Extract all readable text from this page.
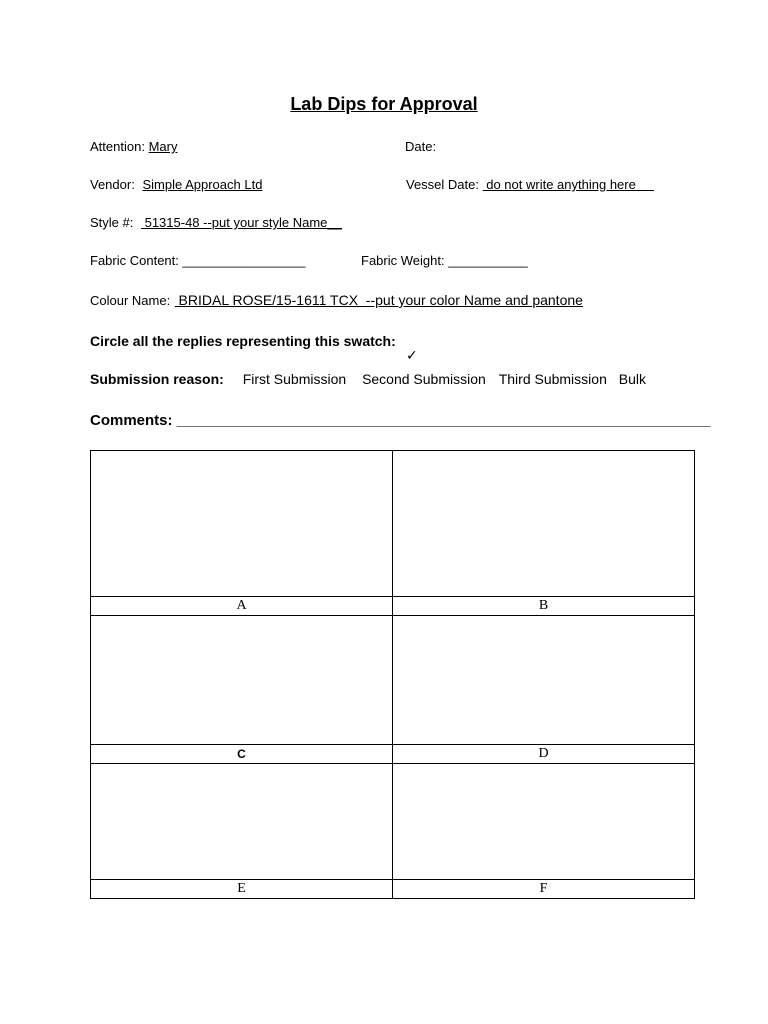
Lab Dips for Approval
Attention: Mary	Date:
Vendor: Simple Approach Ltd	Vessel Date:  do not write anything here
Style #:  51315-48 --put your style Name__
Fabric Content: _________________	Fabric Weight: ___________
Colour Name:  BRIDAL ROSE/15-1611 TCX  --put your color Name and pantone
Circle all the replies representing this swatch:
✓
Submission reason: First Submission Second Submission Third Submission Bulk
Comments: ________________________________________________________________

A	B

C	D

E	F
